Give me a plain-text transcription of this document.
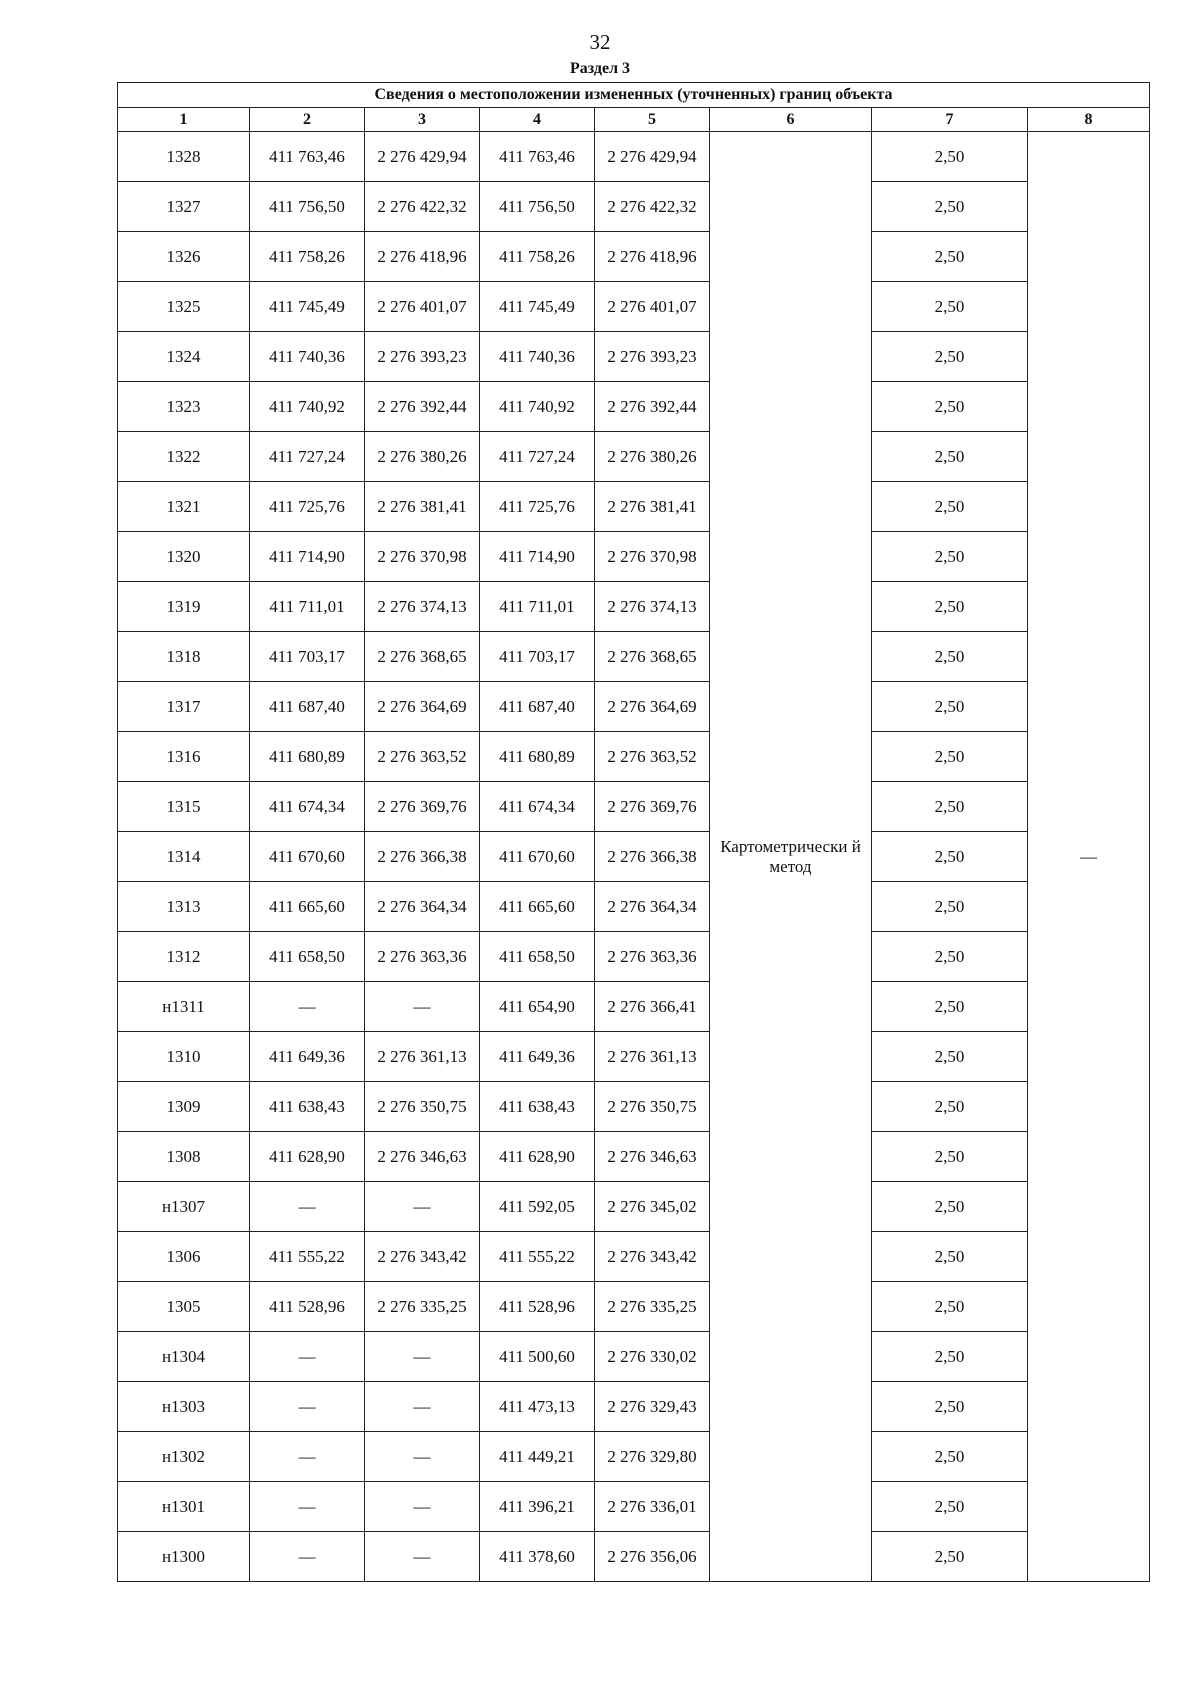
32
Раздел 3
Сведения о местоположении измененных (уточненных) границ объекта							
1	2	3	4	5	6	7	8
1328	411 763,46	2 276 429,94	411 763,46	2 276 429,94	Картометрически й метод	2,50	—
1327	411 756,50	2 276 422,32	411 756,50	2 276 422,32		2,50	
1326	411 758,26	2 276 418,96	411 758,26	2 276 418,96		2,50	
1325	411 745,49	2 276 401,07	411 745,49	2 276 401,07		2,50	
1324	411 740,36	2 276 393,23	411 740,36	2 276 393,23		2,50	
1323	411 740,92	2 276 392,44	411 740,92	2 276 392,44		2,50	
1322	411 727,24	2 276 380,26	411 727,24	2 276 380,26		2,50	
1321	411 725,76	2 276 381,41	411 725,76	2 276 381,41		2,50	
1320	411 714,90	2 276 370,98	411 714,90	2 276 370,98		2,50	
1319	411 711,01	2 276 374,13	411 711,01	2 276 374,13		2,50	
1318	411 703,17	2 276 368,65	411 703,17	2 276 368,65		2,50	
1317	411 687,40	2 276 364,69	411 687,40	2 276 364,69		2,50	
1316	411 680,89	2 276 363,52	411 680,89	2 276 363,52		2,50	
1315	411 674,34	2 276 369,76	411 674,34	2 276 369,76		2,50	
1314	411 670,60	2 276 366,38	411 670,60	2 276 366,38		2,50	
1313	411 665,60	2 276 364,34	411 665,60	2 276 364,34		2,50	
1312	411 658,50	2 276 363,36	411 658,50	2 276 363,36		2,50	
н1311	—	—	411 654,90	2 276 366,41		2,50	
1310	411 649,36	2 276 361,13	411 649,36	2 276 361,13		2,50	
1309	411 638,43	2 276 350,75	411 638,43	2 276 350,75		2,50	
1308	411 628,90	2 276 346,63	411 628,90	2 276 346,63		2,50	
н1307	—	—	411 592,05	2 276 345,02		2,50	
1306	411 555,22	2 276 343,42	411 555,22	2 276 343,42		2,50	
1305	411 528,96	2 276 335,25	411 528,96	2 276 335,25		2,50	
н1304	—	—	411 500,60	2 276 330,02		2,50	
н1303	—	—	411 473,13	2 276 329,43		2,50	
н1302	—	—	411 449,21	2 276 329,80		2,50	
н1301	—	—	411 396,21	2 276 336,01		2,50	
н1300	—	—	411 378,60	2 276 356,06		2,50	
